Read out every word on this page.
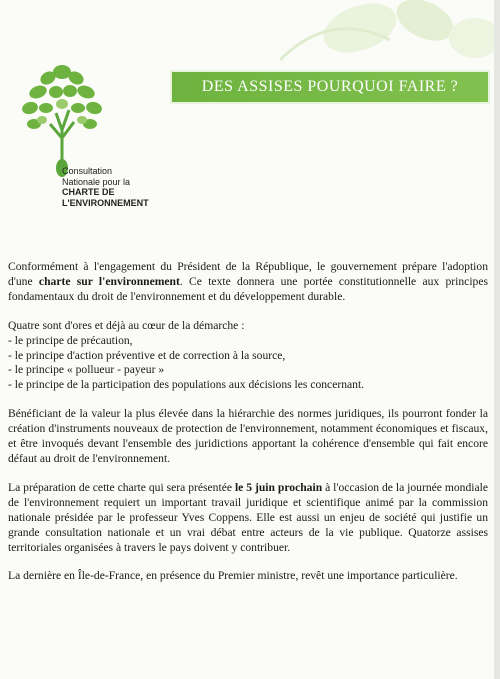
DES ASSISES POURQUOI FAIRE ?
Consultation
Nationale pour la
CHARTE DE
L'ENVIRONNEMENT

Conformément à l'engagement du Président de la République, le gouvernement prépare l'adoption d'une charte sur l'environnement. Ce texte donnera une portée constitutionnelle aux principes fondamentaux du droit de l'environnement et du développement durable.

Quatre sont d'ores et déjà au cœur de la démarche :
- le principe de précaution,
- le principe d'action préventive et de correction à la source,
- le principe « pollueur - payeur »
- le principe de la participation des populations aux décisions les concernant.

Bénéficiant de la valeur la plus élevée dans la hiérarchie des normes juridiques, ils pourront fonder la création d'instruments nouveaux de protection de l'environnement, notamment économiques et fiscaux, et être invoqués devant l'ensemble des juridictions apportant la cohérence d'ensemble qui fait encore défaut au droit de l'environnement.

La préparation de cette charte qui sera présentée le 5 juin prochain à l'occasion de la journée mondiale de l'environnement requiert un important travail juridique et scientifique animé par la commission nationale présidée par le professeur Yves Coppens. Elle est aussi un enjeu de société qui justifie un grande consultation nationale et un vrai débat entre acteurs de la vie publique. Quatorze assises territoriales organisées à travers le pays doivent y contribuer.

La dernière en Île-de-France, en présence du Premier ministre, revêt une importance particulière.
